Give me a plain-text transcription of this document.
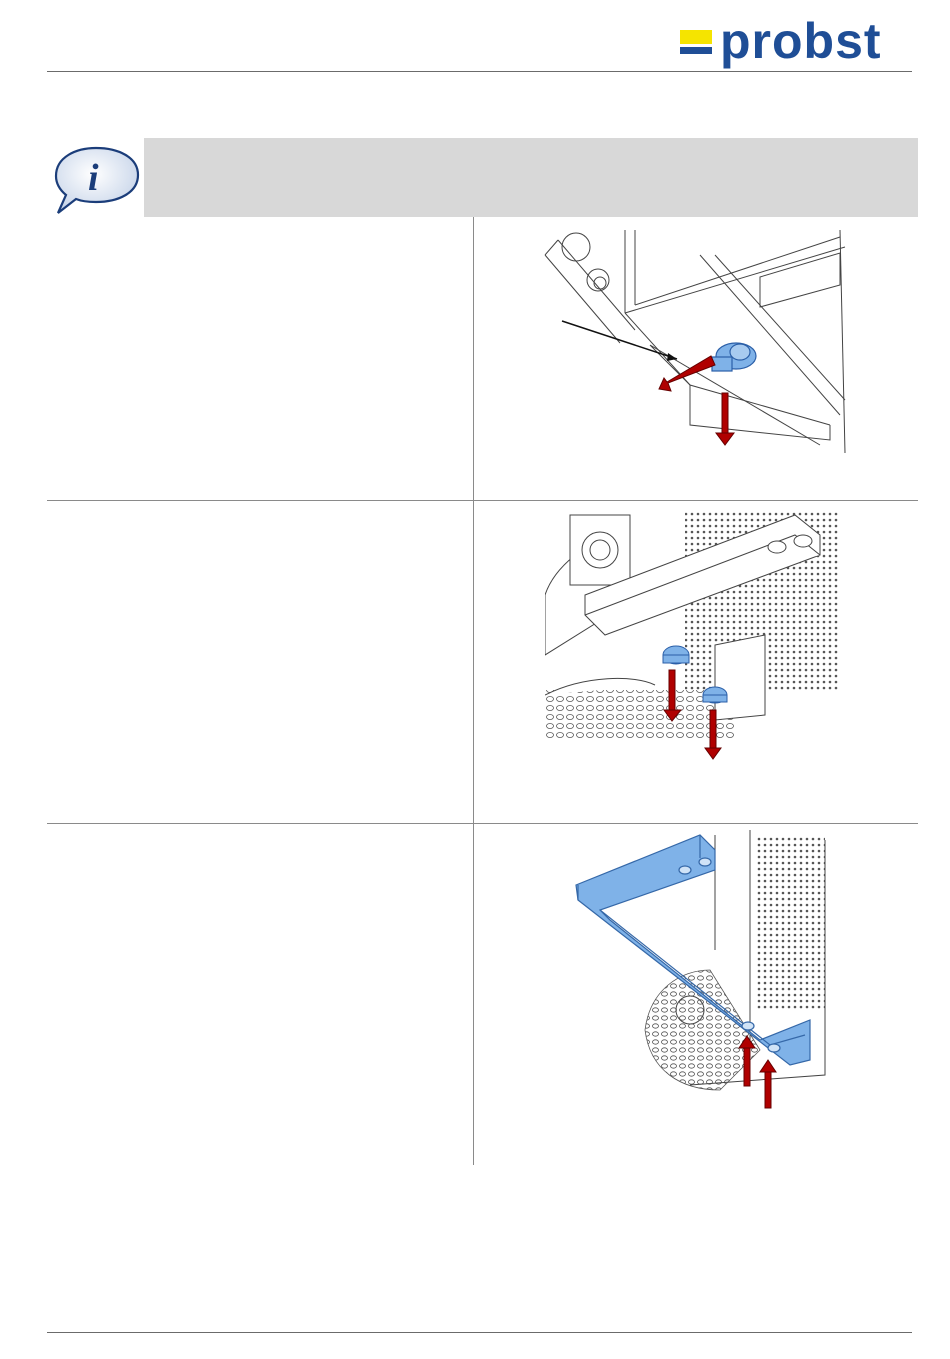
probst
i
